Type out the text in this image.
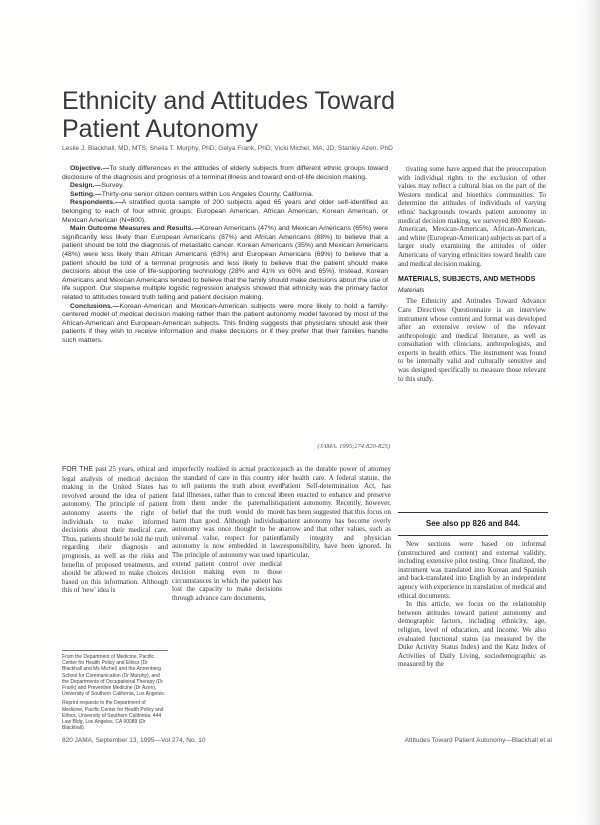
Ethnicity and Attitudes Toward Patient Autonomy
Leslie J. Blackhall, MD, MTS; Sheila T. Murphy, PhD; Gelya Frank, PhD; Vicki Michel, MA, JD; Stanley Azen, PhD

Objective.—To study differences in the attitudes of elderly subjects from different ethnic groups toward disclosure of the diagnosis and prognosis of a terminal illness and toward end-of-life decision making.

Design.—Survey.

Setting.—Thirty-one senior citizen centers within Los Angeles County, California.

Respondents.—A stratified quota sample of 200 subjects aged 65 years and older self-identified as belonging to each of four ethnic groups: European American, African American, Korean American, or Mexican American (N=800).

Main Outcome Measures and Results.—Korean Americans (47%) and Mexican Americans (65%) were significantly less likely than European Americans (87%) and African Americans (88%) to believe that a patient should be told the diagnosis of metastatic cancer. Korean Americans (35%) and Mexican Americans (48%) were less likely than African Americans (63%) and European Americans (69%) to believe that a patient should be told of a terminal prognosis and less likely to believe that the patient should make decisions about the use of life-supporting technology (28% and 41% vs 60% and 65%). Instead, Korean Americans and Mexican Americans tended to believe that the family should make decisions about the use of life support. Our stepwise multiple logistic regression analysis showed that ethnicity was the primary factor related to attitudes toward truth telling and patient decision making.

Conclusions.—Korean-American and Mexican-American subjects were more likely to hold a family-centered model of medical decision making rather than the patient autonomy model favored by most of the African-American and European-American subjects. This finding suggests that physicians should ask their patients if they wish to receive information and make decisions or if they prefer that their families handle such matters.

(JAMA. 1995;274:820-825)

tivating some have argued that the preoccupation with individual rights to the exclusion of other values may reflect a cultural bias on the part of the Western medical and bioethics communities. To determine the attitudes of individuals of varying ethnic backgrounds towards patient autonomy in medical decision making, we surveyed 800 Korean-American, Mexican-American, African-American, and white (European-American) subjects as part of a larger study examining the attitudes of older Americans of varying ethnicities toward health care and medical decision making.

MATERIALS, SUBJECTS, AND METHODS
Materials

The Ethnicity and Attitudes Toward Advance Care Directives Questionnaire is an interview instrument whose content and format was developed after an extensive review of the relevant anthropologic and medical literature, as well as consultation with clinicians, anthropologists, and experts in health ethics. The instrument was found to be internally valid and culturally sensitive and was designed specifically to measure those relevant to this study.

See also pp 826 and 844.

FOR THE past 25 years, ethical and legal analysis of medical decision making in the United States has revolved around the idea of patient autonomy. The principle of patient autonomy asserts the right of individuals to make informed decisions about their medical care. Thus, patients should be told the truth regarding their diagnosis and prognosis, as well as the risks and benefits of proposed treatments, and should be allowed to make choices based on this information. Although this of 'new' idea is

From the Department of Medicine, Pacific Center for Health Policy and Ethics (Dr Blackhall and Ms Michel) and the Annenberg School for Communication (Dr Murphy), and the Departments of Occupational Therapy (Dr Frank) and Preventive Medicine (Dr Azen), University of Southern California, Los Angeles.

Reprint requests to the Department of Medicine, Pacific Center for Health Policy and Ethics, University of Southern California, 444 Law Bldg, Los Angeles, CA 90089 (Dr Blackhall).

imperfectly realized in actual practice, the standard of care in this country is to tell patients the truth about even fatal illnesses, rather than to conceal it from them under the paternalistic belief that the truth would do more harm than good. Although individual autonomy was once thought to be a universal value, respect for patient autonomy is now embedded in law. The principle of autonomy was used to extend patient control over medical decision making even to those circumstances in which the patient has lost the capacity to make decisions through advance care documents,

such as the durable power of attorney for health care. A federal statute, the Patient Self-determination Act, has been enacted to enhance and preserve patient autonomy. Recently, however, it has been suggested that this focus on patient autonomy has become overly narrow and that other values, such as family integrity and physician responsibility, have been ignored. In particular,

New sections were based on informal (unstructured and content) and external validity, including extensive pilot testing. Once finalized, the instrument was translated into Korean and Spanish and back-translated into English by an independent agency with experience in translation of medical and ethical documents.

In this article, we focus on the relationship between attitudes toward patient autonomy and demographic factors, including ethnicity, age, religion, level of education, and income. We also evaluated functional status (as measured by the Duke Activity Status Index) and the Katz Index of Activities of Daily Living, sociodemographic as measured by the

820 JAMA, September 13, 1995—Vol 274, No. 10	Attitudes Toward Patient Autonomy—Blackhall et al
